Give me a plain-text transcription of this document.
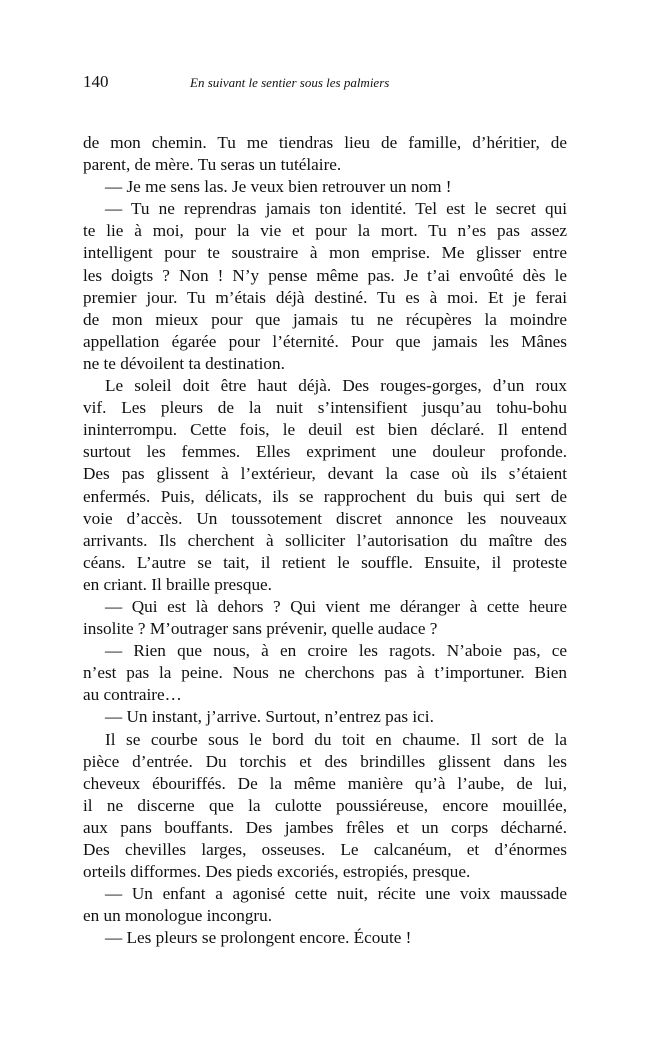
140	En suivant le sentier sous les palmiers
de mon chemin. Tu me tiendras lieu de famille, d’héritier, de
parent, de mère. Tu seras un tutélaire.
— Je me sens las. Je veux bien retrouver un nom !
— Tu ne reprendras jamais ton identité. Tel est le secret qui
te lie à moi, pour la vie et pour la mort. Tu n’es pas assez
intelligent pour te soustraire à mon emprise. Me glisser entre
les doigts ? Non ! N’y pense même pas. Je t’ai envoûté dès le
premier jour. Tu m’étais déjà destiné. Tu es à moi. Et je ferai
de mon mieux pour que jamais tu ne récupères la moindre
appellation égarée pour l’éternité. Pour que jamais les Mânes
ne te dévoilent ta destination.
Le soleil doit être haut déjà. Des rouges-gorges, d’un roux
vif. Les pleurs de la nuit s’intensifient jusqu’au tohu-bohu
ininterrompu. Cette fois, le deuil est bien déclaré. Il entend
surtout les femmes. Elles expriment une douleur profonde.
Des pas glissent à l’extérieur, devant la case où ils s’étaient
enfermés. Puis, délicats, ils se rapprochent du buis qui sert de
voie d’accès. Un toussotement discret annonce les nouveaux
arrivants. Ils cherchent à solliciter l’autorisation du maître des
céans. L’autre se tait, il retient le souffle. Ensuite, il proteste
en criant. Il braille presque.
— Qui est là dehors ? Qui vient me déranger à cette heure
insolite ? M’outrager sans prévenir, quelle audace ?
— Rien que nous, à en croire les ragots. N’aboie pas, ce
n’est pas la peine. Nous ne cherchons pas à t’importuner. Bien
au contraire…
— Un instant, j’arrive. Surtout, n’entrez pas ici.
Il se courbe sous le bord du toit en chaume. Il sort de la
pièce d’entrée. Du torchis et des brindilles glissent dans les
cheveux ébouriffés. De la même manière qu’à l’aube, de lui,
il ne discerne que la culotte poussiéreuse, encore mouillée,
aux pans bouffants. Des jambes frêles et un corps décharné.
Des chevilles larges, osseuses. Le calcanéum, et d’énormes
orteils difformes. Des pieds excoriés, estropiés, presque.
— Un enfant a agonisé cette nuit, récite une voix maussade
en un monologue incongru.
— Les pleurs se prolongent encore. Écoute !
